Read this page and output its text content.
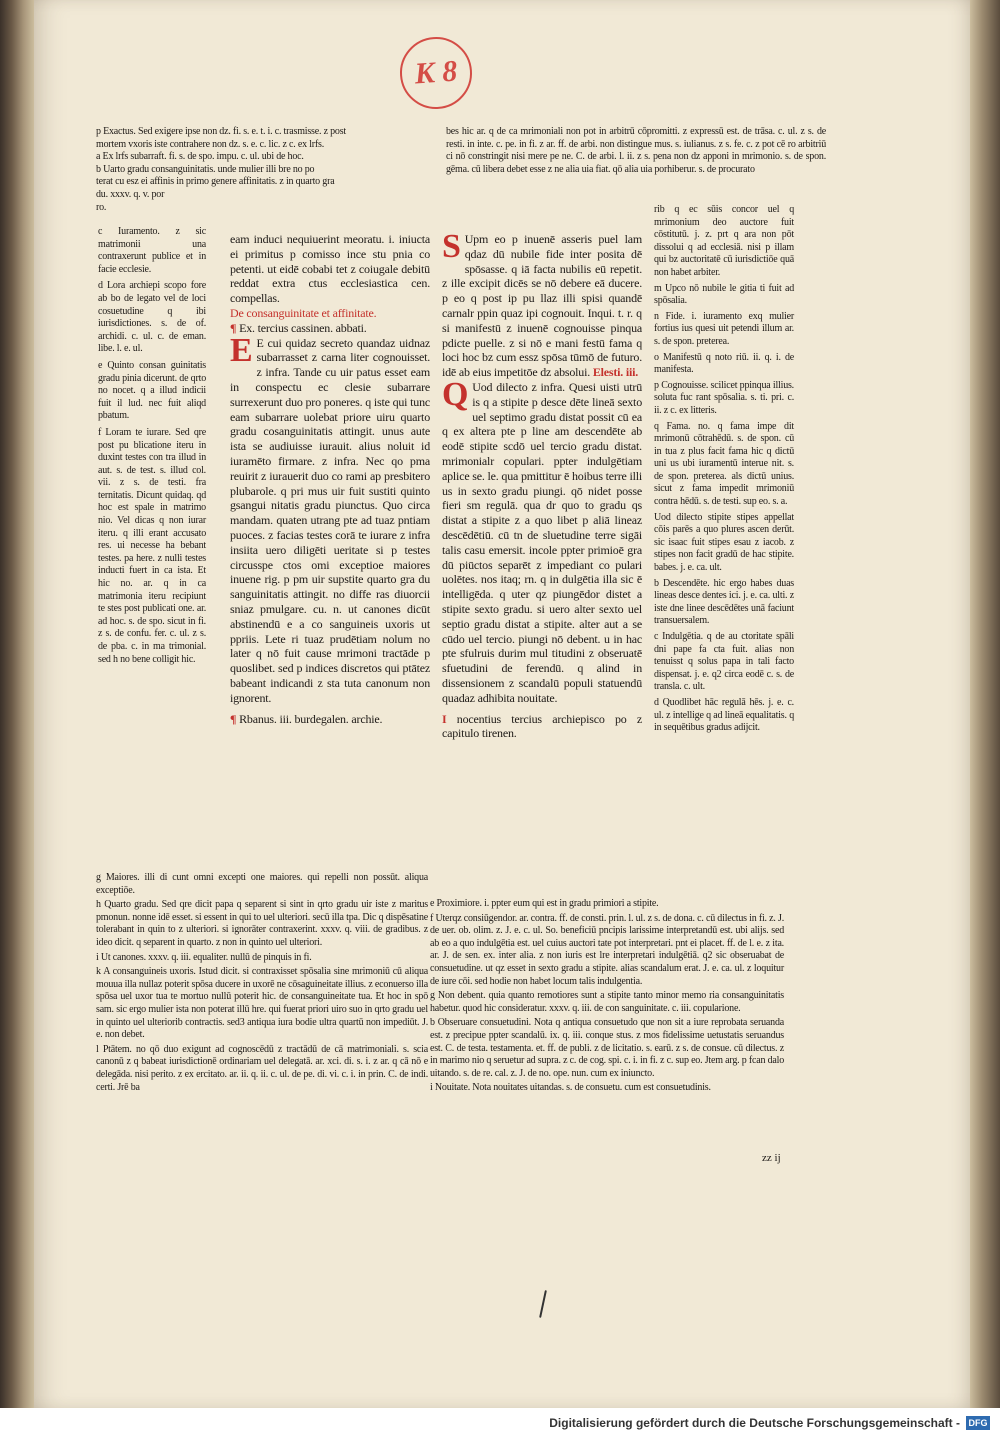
K 8

p Exactus. Sed exigere ipse non dz. fi. s. e. t. i. c. trasmisse. z post

mortem vxoris iste contrahere non dz. s. e. c. lic. z c. ex lrfs.

a Ex lrfs subarraft. fi. s. de spo. impu. c. ul. ubi de hoc.

b Uarto gradu consanguinitatis. unde mulier illi bre no po

terat cu esz ei affinis in primo genere affinitatis. z in quarto gra

du. xxxv. q. v. por

ro.

c Iuramento. z sic matrimonii una contraxerunt publice et in facie ecclesie.

d Lora archiepi scopo fore ab bo de legato vel de loci cosuetudine q ibi iurisdictiones. s. de of. archidi. c. ul. c. de eman. libe. l. e. ul.

e Quinto consan guinitatis gradu pinia dicerunt. de qrto no nocet. q a illud indicii fuit il lud. nec fuit aliqd pbatum.

f Loram te iurare. Sed qre post pu blicatione iteru in duxint testes con tra illud in aut. s. de test. s. illud col. vii. z s. de testi. fra ternitatis. Dicunt quidaq. qd hoc est spale in matrimo nio. Vel dicas q non iurar iteru. q illi erant accusato res. ui necesse ha bebant testes. pa here. z nulli testes inducti fuert in ca ista. Et hic no. ar. q in ca matrimonia iteru recipiunt te stes post publicati one. ar. ad hoc. s. de spo. sicut in fi. z s. de confu. fer. c. ul. z s. de pba. c. in ma trimonial. sed h no bene colligit hic.

eam induci nequiuerint meoratu. i. iniucta ei primitus p comisso ince stu pnia co petenti. ut eidē cobabi tet z coiugale debitū reddat extra ctus ecclesiastica cen. compellas.

De consanguinitate et affinitate.

¶ Ex. tercius cassinen. abbati.

E E cui quidaz secreto quandaz uidnaz subarrasset z carna liter cognouisset. z infra. Tande cu uir patus esset eam in conspectu ec clesie subarrare surrexerunt duo pro poneres. q iste qui tunc eam subarrare uolebat priore uiru quarto gradu cosanguinitatis attingit. unus aute ista se audiuisse iurauit. alius noluit id iuramēto firmare. z infra. Nec qo pma reuirit z iurauerit duo co rami ap presbitero plubarole. q pri mus uir fuit sustiti quinto gsangui nitatis gradu piunctus. Quo circa mandam. quaten utrang pte ad tuaz pntiam puoces. z facias testes corā te iurare z infra insiita uero diligēti ueritate si p testes circusspe ctos omi exceptioe maiores inuene rig. p pm uir supstite quarto gra du sanguinitatis attingit. no diffe ras diuorcii sniaz pmulgare. cu. n. ut canones dicūt abstinendū e a co sanguineis uxoris ut ppriis. Lete ri tuaz prudētiam nolum no later q nō fuit cause mrimoni tractāde p quoslibet. sed p indices discretos qui ptātez babeant indicandi z sta tuta canonum non ignorent.

¶ Rbanus. iii. burdegalen. archie.

bes hic ar. q de ca mrimoniali non pot in arbitrū cōpromitti. z expressū est. de trāsa. c. ul. z s. de resti. in inte. c. pe. in fi. z ar. ff. de arbi. non distingue mus. s. iulianus. z s. fe. c. z pot cē ro arbitriū ci nō constringit nisi mere pe ne. C. de arbi. l. ii. z s. pena non dz apponi in mrimonio. s. de spon. gēma. cū libera debet esse z ne alia uia fiat. qō alia uia porhiberur. s. de procurato

S Upm eo p inuenē asseris puel lam qdaz dū nubile fide inter posita dē spōsasse. q iā facta nubilis eū repetit. z ille excipit dicēs se nō debere eā ducere. p eo q post ip pu llaz illi spisi quandē carnalr ppin quaz ipi cognouit. Inqui. t. r. q si manifestū z inuenē cognouisse pinqua pdicte puelle. z si nō e mani festū fama q loci hoc bz cum essz spōsa tūmō de futuro. idē ab eius impetitōe dz absolui. Elesti. iii.

Q Uod dilecto z infra. Quesi uisti utrū is q a stipite p desce dēte lineā sexto uel septimo gradu distat possit cū ea q ex altera pte p line am descendēte ab eodē stipite scdō uel tercio gradu distat. mrimonialr copulari. ppter indulgētiam aplice se. le. qua pmittitur ē hoibus terre illi us in sexto gradu piungi. qō nidet posse fieri sm regulā. qua dr quo to gradu qs distat a stipite z a quo libet p aliā lineaz descēdētiū. cū tn de sluetudine terre sigāi talis casu emersit. incole ppter primioē gra dū piūctos separēt z impediant co pulari uolētes. nos itaq; rn. q in dulgētia illa sic ē intelligēda. q uter qz piungēdor distet a stipite sexto gradu. si uero alter sexto uel septio gradu distat a stipite. alter aut a se cūdo uel tercio. piungi nō debent. u in hac pte sfulruis durim mul titudini z obseruatē sfuetudini de ferendū. q alind in dissensionem z scandalū populi statuendū quadaz adhibita nouitate.

I nocentius tercius archiepisco po z capitulo tirenen.

rib q ec sūis concor uel q mrimonium deo auctore fuit cōstitutū. j. z. prt q ara non pōt dissolui q ad ecclesiā. nisi p illam qui bz auctoritatē cū iurisdictiōe quā non habet arbiter.

m Upco nō nubile le gitia ti fuit ad spōsalia.

n Fide. i. iuramento exq mulier fortius ius quesi uit petendi illum ar. s. de spon. preterea.

o Manifestū q noto riū. ii. q. i. de manifesta.

p Cognouisse. scilicet ppinqua illius. soluta fuc rant spōsalia. s. ti. pri. c. ii. z c. ex litteris.

q Fama. no. q fama impe dit mrimonū cōtrahēdū. s. de spon. cū in tua z plus facit fama hic q dictū uni us ubi iuramentū interue nit. s. de spon. preterea. als dictū unius. sicut z fama impedit mrimoniū contra hēdū. s. de testi. sup eo. s. a.

Uod dilecto stipite stipes appellat cōis parēs a quo plures ascen derūt. sic isaac fuit stipes esau z iacob. z stipes non facit gradū de hac stipite. babes. j. e. ca. ult.

b Descendēte. hic ergo habes duas lineas desce dentes ici. j. e. ca. ulti. z iste dne linee descēdētes unā faciunt transuersalem.

c Indulgētia. q de au ctoritate spāli dni pape fa cta fuit. alias non tenuisst q solus papa in tali facto dispensat. j. e. q2 circa eodē c. s. de transla. c. ult.

d Quodlibet hāc regulā hēs. j. e. c. ul. z intellige q ad lineā equalitatis. q in sequētibus gradus adijcit.

g Maiores. illi di cunt omni excepti one maiores. qui repelli non possūt. aliqua exceptiōe.

h Quarto gradu. Sed qre dicit papa q separent si sint in qrto gradu uir iste z maritus pmonun. nonne idē esset. si essent in qui to uel ulteriori. secū illa tpa. Dic q dispēsatine tolerabant in quin to z ulteriori. si ignorāter contraxerint. xxxv. q. viii. de gradibus. z ideo dicit. q separent in quarto. z non in quinto uel ulteriori.

i Ut canones. xxxv. q. iii. equaliter. nullū de pinquis in fi.

k A consanguineis uxoris. Istud dicit. si contraxisset spōsalia sine mrimoniū cū aliqua mouua illa nullaz poterit spōsa ducere in uxorē ne cōsaguineitate illius. z econuerso illa spōsa uel uxor tua te mortuo nullū poterit hic. de consanguineitate tua. Et hoc in spō sam. sic ergo mulier ista non poterat illū hre. qui fuerat priori uiro suo in qrto gradu uel in quinto uel ulteriorib contractis. sed3 antiqua iura bodie ultra quartū non impediūt. J. e. non debet.

l Ptātem. no qō duo exigunt ad cognoscēdū z tractādū de cā matrimoniali. s. scia canonū z q babeat iurisdictionē ordinariam uel delegatā. ar. xci. di. s. i. z ar. q cā nō e delegāda. nisi perito. z ex ercitato. ar. ii. q. ii. c. ul. de pe. di. vi. c. i. in prin. C. de indi. certi. Jrē ba

e Proximiore. i. ppter eum qui est in gradu primiori a stipite.

f Uterqz consiūgendor. ar. contra. ff. de consti. prin. l. ul. z s. de dona. c. cū dilectus in fi. z. J. de uer. ob. olim. z. J. e. c. ul. So. beneficiū pncipis larissime interpretandū est. ubi alijs. sed ab eo a quo indulgētia est. uel cuius auctori tate pot interpretari. pnt ei placet. ff. de l. e. z ita. ar. J. de sen. ex. inter alia. z non iuris est lre interpretari indulgētiā. q2 sic obseruabat de consuetudine. ut qz esset in sexto gradu a stipite. alias scandalum erat. J. e. ca. ul. z loquitur de iure cōi. sed hodie non habet locum talis indulgentia.

g Non debent. quia quanto remotiores sunt a stipite tanto minor memo ria consanguinitatis habetur. quod hic consideratur. xxxv. q. iii. de con sanguinitate. c. iii. copularione.

b Obseruare consuetudini. Nota q antiqua consuetudo que non sit a iure reprobata seruanda est. z precipue ppter scandalū. ix. q. iii. conque stus. z mos fidelissime uetustatis seruandus est. C. de testa. testamenta. et. ff. de publi. z de licitatio. s. earū. z s. de consue. cū dilectus. z in marimo nio q seruetur ad supra. z c. de cog. spi. c. i. in fi. z c. sup eo. Jtem arg. p fcan dalo uitando. s. de re. cal. z. J. de no. ope. nun. cum ex iniuncto.

i Nouitate. Nota nouitates uitandas. s. de consuetu. cum est consuetudinis.

zz ij
Digitalisierung gefördert durch die Deutsche Forschungsgemeinschaft - DFG
